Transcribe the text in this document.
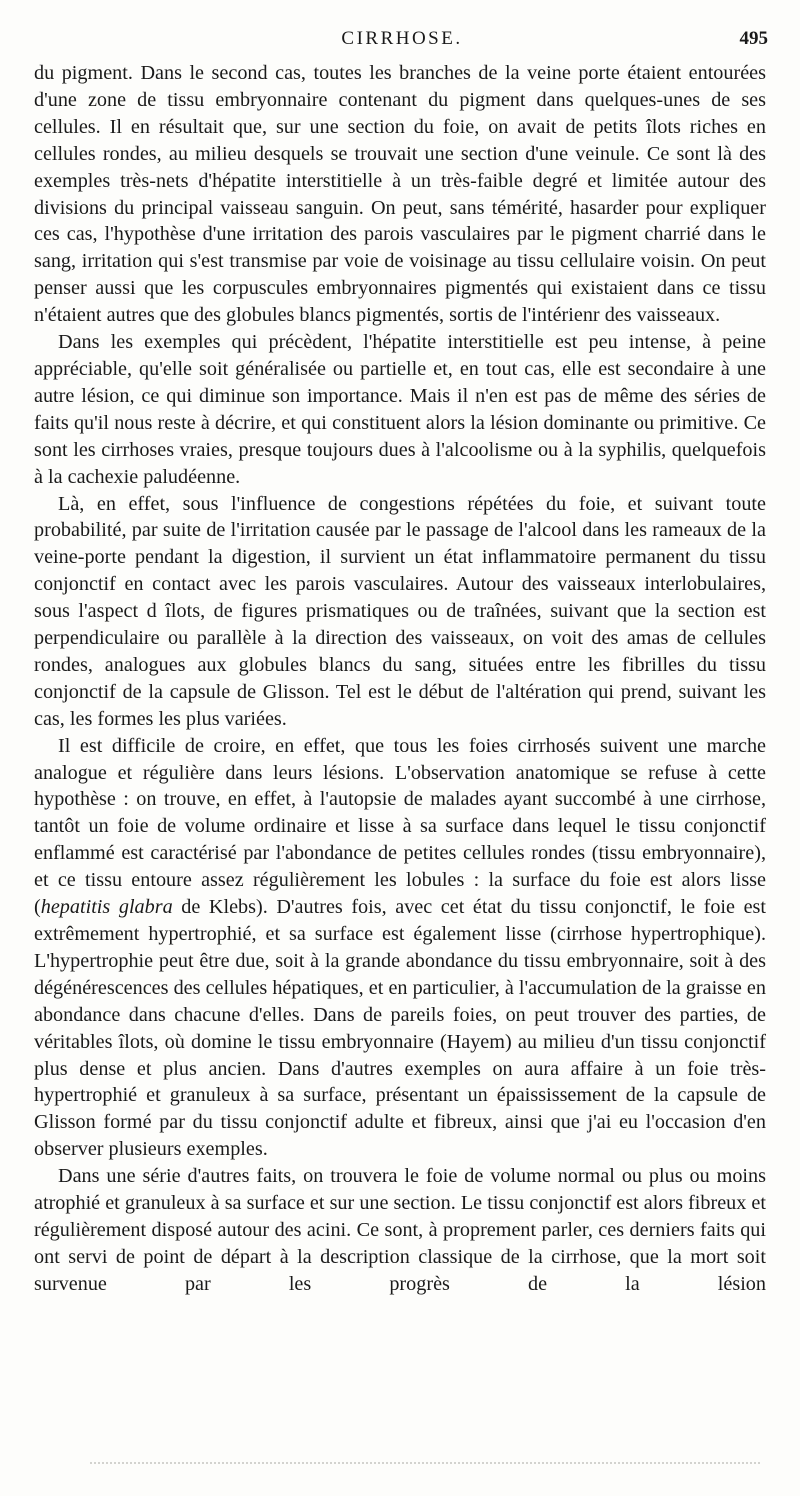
CIRRHOSE.	495

du pigment. Dans le second cas, toutes les branches de la veine porte étaient entourées d'une zone de tissu embryonnaire contenant du pigment dans quelques-unes de ses cellules. Il en résultait que, sur une section du foie, on avait de petits îlots riches en cellules rondes, au milieu desquels se trouvait une section d'une veinule. Ce sont là des exemples très-nets d'hépatite interstitielle à un très-faible degré et limitée autour des divisions du principal vaisseau sanguin. On peut, sans témérité, hasarder pour expliquer ces cas, l'hypothèse d'une irritation des parois vasculaires par le pigment charrié dans le sang, irritation qui s'est transmise par voie de voisinage au tissu cellulaire voisin. On peut penser aussi que les corpuscules embryonnaires pigmentés qui existaient dans ce tissu n'étaient autres que des globules blancs pigmentés, sortis de l'intérienr des vaisseaux.

Dans les exemples qui précèdent, l'hépatite interstitielle est peu intense, à peine appréciable, qu'elle soit généralisée ou partielle et, en tout cas, elle est secondaire à une autre lésion, ce qui diminue son importance. Mais il n'en est pas de même des séries de faits qu'il nous reste à décrire, et qui constituent alors la lésion dominante ou primitive. Ce sont les cirrhoses vraies, presque toujours dues à l'alcoolisme ou à la syphilis, quelquefois à la cachexie paludéenne.

Là, en effet, sous l'influence de congestions répétées du foie, et suivant toute probabilité, par suite de l'irritation causée par le passage de l'alcool dans les rameaux de la veine-porte pendant la digestion, il survient un état inflammatoire permanent du tissu conjonctif en contact avec les parois vasculaires. Autour des vaisseaux interlobulaires, sous l'aspect d îlots, de figures prismatiques ou de traînées, suivant que la section est perpendiculaire ou parallèle à la direction des vaisseaux, on voit des amas de cellules rondes, analogues aux globules blancs du sang, situées entre les fibrilles du tissu conjonctif de la capsule de Glisson. Tel est le début de l'altération qui prend, suivant les cas, les formes les plus variées.

Il est difficile de croire, en effet, que tous les foies cirrhosés suivent une marche analogue et régulière dans leurs lésions. L'observation anatomique se refuse à cette hypothèse : on trouve, en effet, à l'autopsie de malades ayant succombé à une cirrhose, tantôt un foie de volume ordinaire et lisse à sa surface dans lequel le tissu conjonctif enflammé est caractérisé par l'abondance de petites cellules rondes (tissu embryonnaire), et ce tissu entoure assez régulièrement les lobules : la surface du foie est alors lisse (hepatitis glabra de Klebs). D'autres fois, avec cet état du tissu conjonctif, le foie est extrêmement hypertrophié, et sa surface est également lisse (cirrhose hypertrophique). L'hypertrophie peut être due, soit à la grande abondance du tissu embryonnaire, soit à des dégénérescences des cellules hépatiques, et en particulier, à l'accumulation de la graisse en abondance dans chacune d'elles. Dans de pareils foies, on peut trouver des parties, de véritables îlots, où domine le tissu embryonnaire (Hayem) au milieu d'un tissu conjonctif plus dense et plus ancien. Dans d'autres exemples on aura affaire à un foie très-hypertrophié et granuleux à sa surface, présentant un épaississement de la capsule de Glisson formé par du tissu conjonctif adulte et fibreux, ainsi que j'ai eu l'occasion d'en observer plusieurs exemples.

Dans une série d'autres faits, on trouvera le foie de volume normal ou plus ou moins atrophié et granuleux à sa surface et sur une section. Le tissu conjonctif est alors fibreux et régulièrement disposé autour des acini. Ce sont, à proprement parler, ces derniers faits qui ont servi de point de départ à la description classique de la cirrhose, que la mort soit survenue par les progrès de la lésion
